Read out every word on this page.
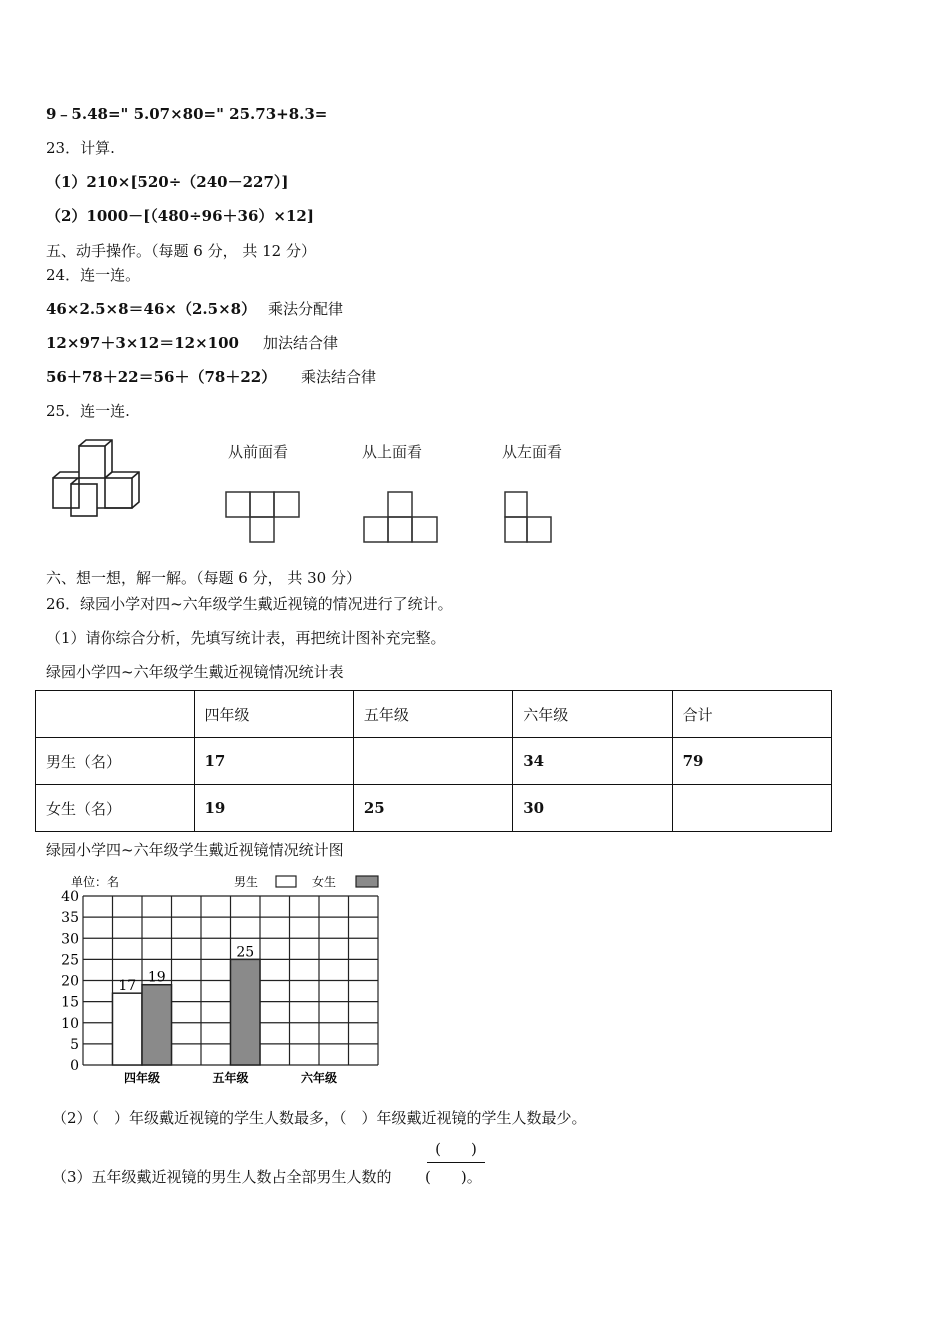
9﹣5.48=" 5.07×80=" 25.73+8.3=
23．计算.
（1）210×[520÷（240－227）]
（2）1000－[（480÷96＋36）×12]
五、动手操作。（每题 6 分， 共 12 分）
24．连一连。
46×2.5×8＝46×（2.5×8） 乘法分配律
12×97＋3×12＝12×100 加法结合律
56＋78＋22＝56＋（78＋22） 乘法结合律
25．连一连.
从前面看	从上面看	从左面看
六、想一想，解一解。（每题 6 分， 共 30 分）
26．绿园小学对四~六年级学生戴近视镜的情况进行了统计。
（1）请你综合分析，先填写统计表，再把统计图补充完整。
绿园小学四~六年级学生戴近视镜情况统计表
	四年级	五年级	六年级	合计
男生（名）	17		34	79
女生（名）	19	25	30	
绿园小学四~六年级学生戴近视镜情况统计图
0
5
10
15
20
25
30
35
40
单位：名	男生	女生
17
19
四年级
25
五年级	六年级
（2）（　）年级戴近视镜的学生人数最多，（　）年级戴近视镜的学生人数最少。
（3）五年级戴近视镜的男生人数占全部男生人数的
(　　)
(　　)。
